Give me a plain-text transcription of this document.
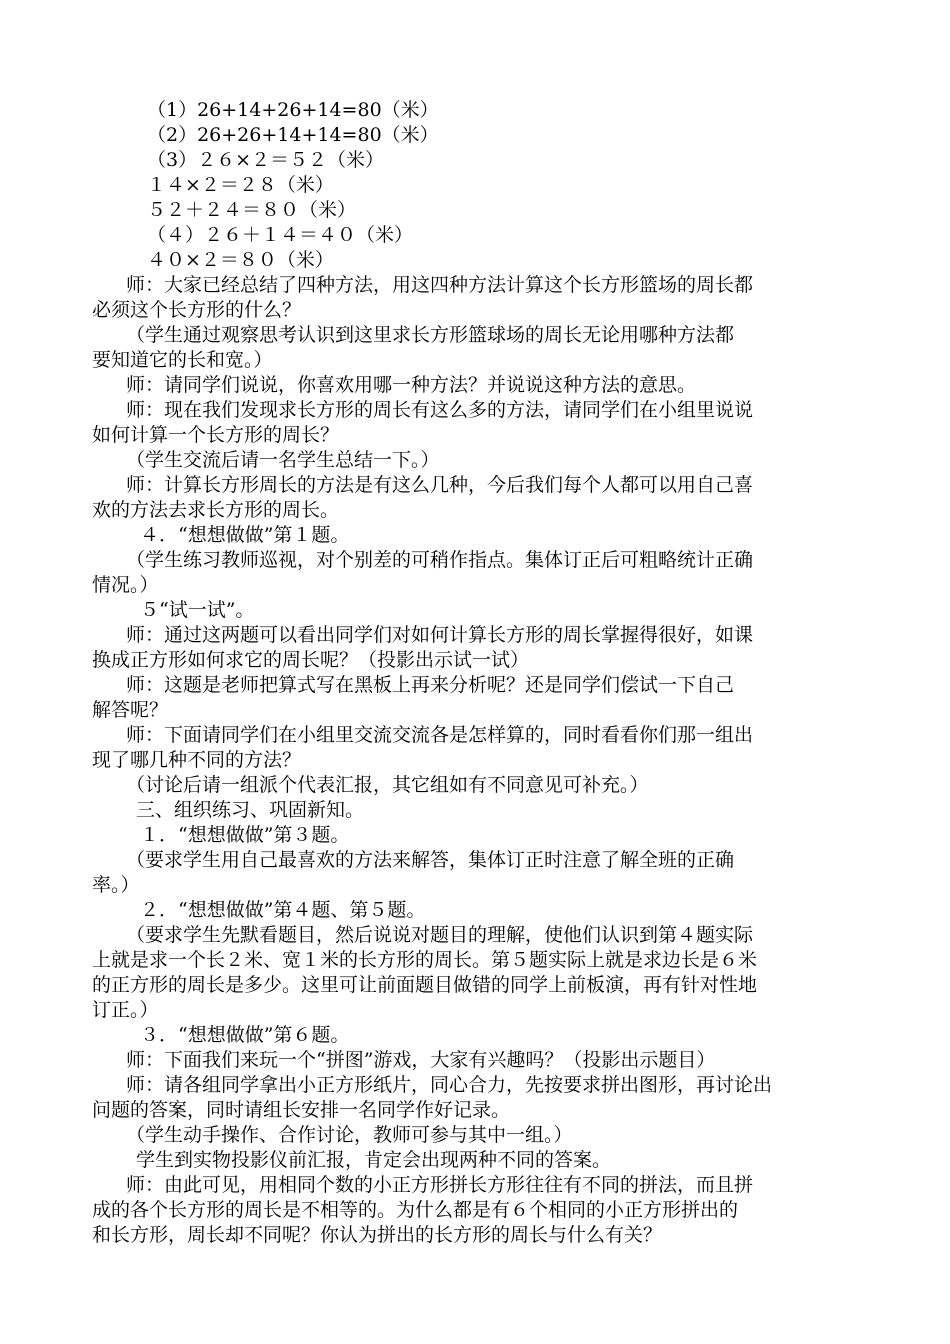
（1）26+14+26+14=80（米）
（2）26+26+14+14=80（米）
（3）２６×２＝５２（米）
１４×２＝２８（米）
５２＋２４＝８０（米）
（４）２６＋１４＝４０（米）
４０×２＝８０（米）
师：大家已经总结了四种方法，用这四种方法计算这个长方形篮场的周长都
必须这个长方形的什么？
（学生通过观察思考认识到这里求长方形篮球场的周长无论用哪种方法都
要知道它的长和宽。）
师：请同学们说说，你喜欢用哪一种方法？并说说这种方法的意思。
师：现在我们发现求长方形的周长有这么多的方法，请同学们在小组里说说
如何计算一个长方形的周长？
（学生交流后请一名学生总结一下。）
师：计算长方形周长的方法是有这么几种，今后我们每个人都可以用自己喜
欢的方法去求长方形的周长。
４．“想想做做”第１题。
（学生练习教师巡视，对个别差的可稍作指点。集体订正后可粗略统计正确
情况。）
５“试一试”。
师：通过这两题可以看出同学们对如何计算长方形的周长掌握得很好，如课
换成正方形如何求它的周长呢？（投影出示试一试）
师：这题是老师把算式写在黑板上再来分析呢？还是同学们偿试一下自己
解答呢？
师：下面请同学们在小组里交流交流各是怎样算的，同时看看你们那一组出
现了哪几种不同的方法？
（讨论后请一组派个代表汇报，其它组如有不同意见可补充。）
三、组织练习、巩固新知。
１．“想想做做”第３题。
（要求学生用自己最喜欢的方法来解答，集体订正时注意了解全班的正确
率。）
２．“想想做做”第４题、第５题。
（要求学生先默看题目，然后说说对题目的理解，使他们认识到第４题实际
上就是求一个长２米、宽１米的长方形的周长。第５题实际上就是求边长是６米
的正方形的周长是多少。这里可让前面题目做错的同学上前板演，再有针对性地
订正。）
３．“想想做做”第６题。
师：下面我们来玩一个“拼图”游戏，大家有兴趣吗？（投影出示题目）
师：请各组同学拿出小正方形纸片，同心合力，先按要求拼出图形，再讨论出
问题的答案，同时请组长安排一名同学作好记录。
（学生动手操作、合作讨论，教师可参与其中一组。）
学生到实物投影仪前汇报，肯定会出现两种不同的答案。
师：由此可见，用相同个数的小正方形拼长方形往往有不同的拼法，而且拼
成的各个长方形的周长是不相等的。为什么都是有６个相同的小正方形拼出的
和长方形，周长却不同呢？你认为拼出的长方形的周长与什么有关？
